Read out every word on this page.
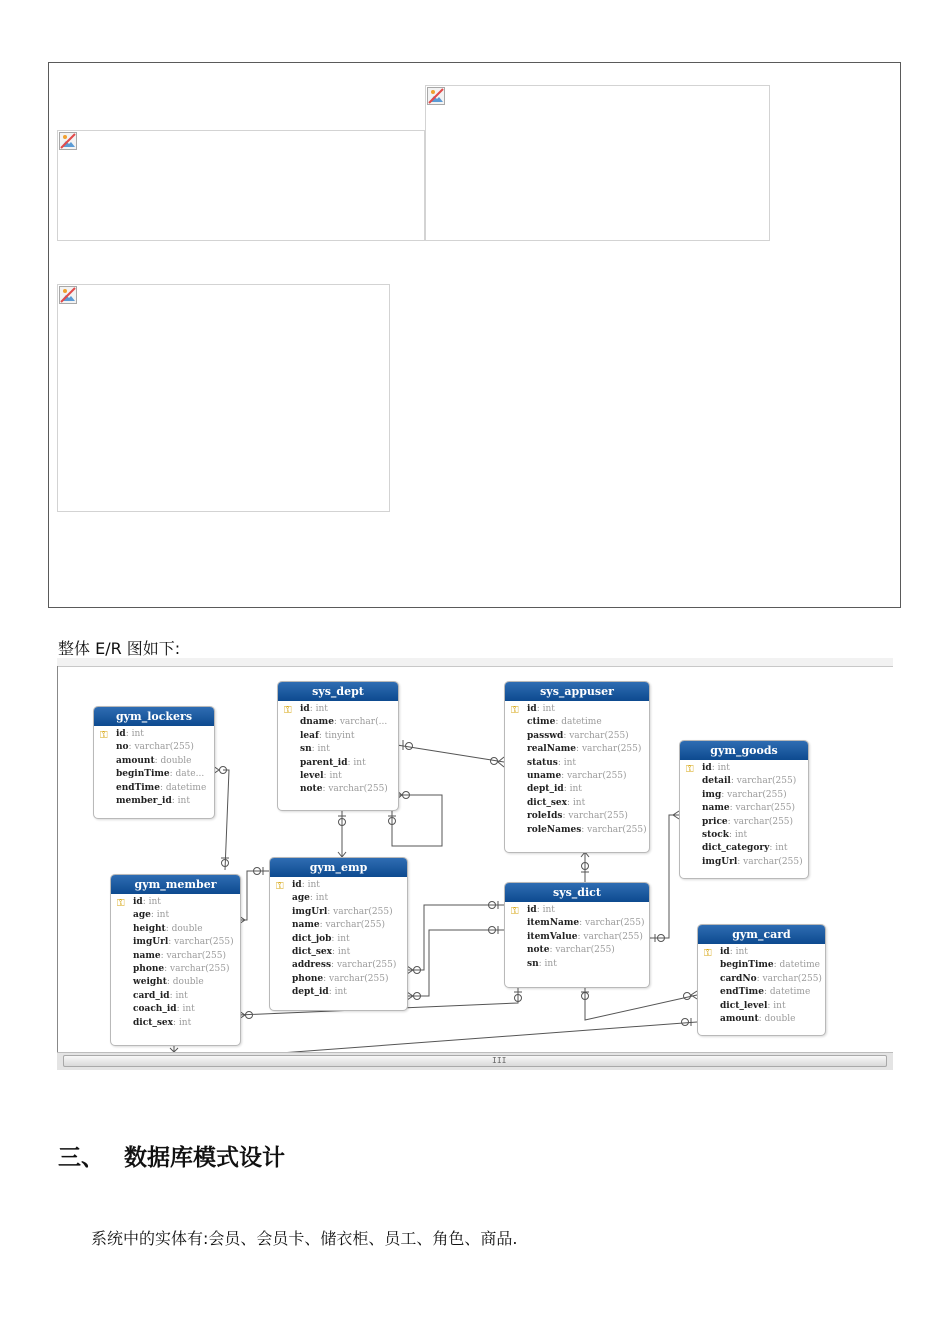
整体 E/R 图如下:
gym_lockers
⚿ id: int
no: varchar(255)
amount: double
beginTime: date...
endTime: datetime
member_id: int
sys_dept
⚿ id: int
dname: varchar(...
leaf: tinyint
sn: int
parent_id: int
level: int
note: varchar(255)
sys_appuser
⚿ id: int
ctime: datetime
passwd: varchar(255)
realName: varchar(255)
status: int
uname: varchar(255)
dept_id: int
dict_sex: int
roleIds: varchar(255)
roleNames: varchar(255)
gym_goods
⚿ id: int
detail: varchar(255)
img: varchar(255)
name: varchar(255)
price: varchar(255)
stock: int
dict_category: int
imgUrl: varchar(255)
gym_member
⚿ id: int
age: int
height: double
imgUrl: varchar(255)
name: varchar(255)
phone: varchar(255)
weight: double
card_id: int
coach_id: int
dict_sex: int
gym_emp
⚿ id: int
age: int
imgUrl: varchar(255)
name: varchar(255)
dict_job: int
dict_sex: int
address: varchar(255)
phone: varchar(255)
dept_id: int
sys_dict
⚿ id: int
itemName: varchar(255)
itemValue: varchar(255)
note: varchar(255)
sn: int
gym_card
⚿ id: int
beginTime: datetime
cardNo: varchar(255)
endTime: datetime
dict_level: int
amount: double
III
三、 数据库模式设计
系统中的实体有:会员、会员卡、储衣柜、员工、角色、商品.
